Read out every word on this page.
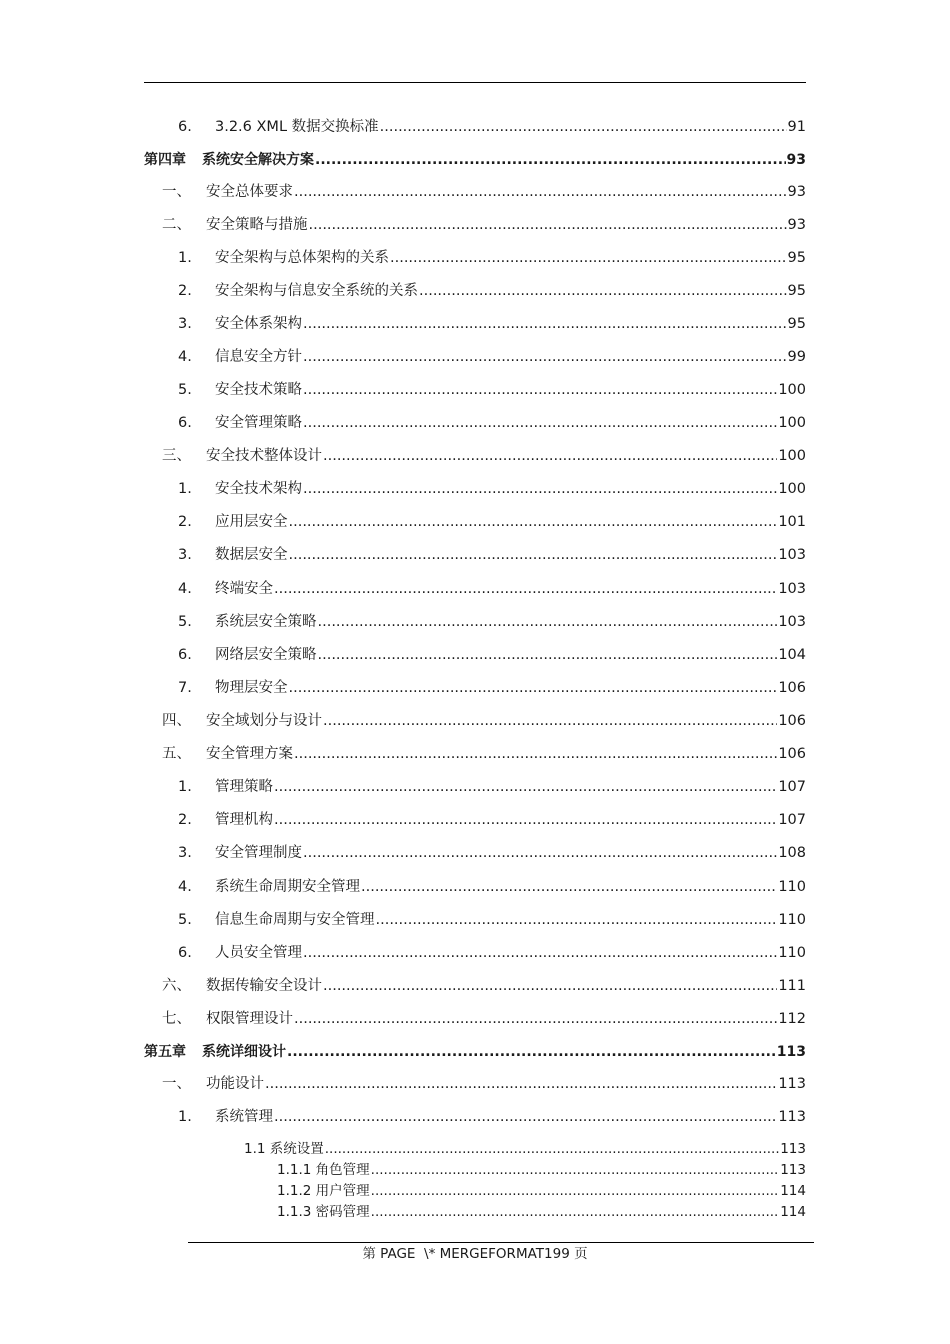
6.	3.2.6 XML 数据交换标准 .....	91
第四章	系统安全解决方案 .....	93
一、	安全总体要求 .....	93
二、	安全策略与措施 .....	93
1.	安全架构与总体架构的关系 .....	95
2.	安全架构与信息安全系统的关系 .....	95
3.	安全体系架构 .....	95
4.	信息安全方针 .....	99
5.	安全技术策略 .....	100
6.	安全管理策略 .....	100
三、	安全技术整体设计 .....	100
1.	安全技术架构 .....	100
2.	应用层安全 .....	101
3.	数据层安全 .....	103
4.	终端安全 .....	103
5.	系统层安全策略 .....	103
6.	网络层安全策略 .....	104
7.	物理层安全 .....	106
四、	安全域划分与设计 .....	106
五、	安全管理方案 .....	106
1.	管理策略 .....	107
2.	管理机构 .....	107
3.	安全管理制度 .....	108
4.	系统生命周期安全管理 .....	110
5.	信息生命周期与安全管理 .....	110
6.	人员安全管理 .....	110
六、	数据传输安全设计 .....	111
七、	权限管理设计 .....	112
第五章	系统详细设计 .....	113
一、	功能设计 .....	113
1.	系统管理 .....	113
1.1 系统设置 .....	113
1.1.1 角色管理 .....	113
1.1.2 用户管理 .....	114
1.1.3 密码管理 .....	114
第 PAGE  \* MERGEFORMAT199 页
